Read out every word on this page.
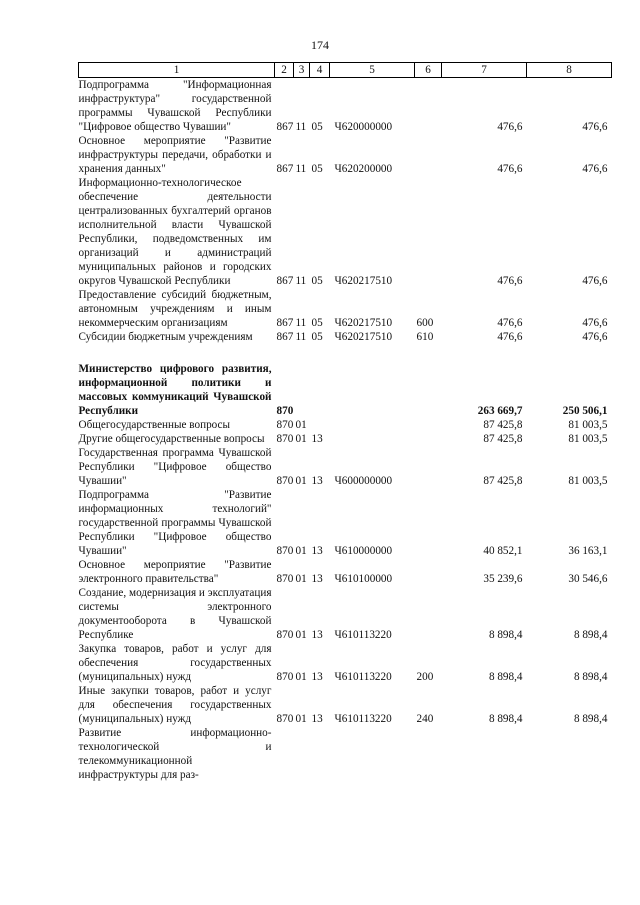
174
1	2	3	4	5	6	7	8
Подпрограмма "Информационная инфраструктура" государственной программы Чувашской Республики "Цифровое общество Чувашии"	867	11	05	Ч620000000		476,6	476,6
Основное мероприятие "Развитие инфраструктуры передачи, обработки и хранения данных"	867	11	05	Ч620200000		476,6	476,6
Информационно-технологическое обеспечение деятельности централизованных бухгалтерий органов исполнительной власти Чувашской Республики, подведомственных им организаций и администраций муниципальных районов и городских округов Чувашской Республики	867	11	05	Ч620217510		476,6	476,6
Предоставление субсидий бюджетным, автономным учреждениям и иным некоммерческим организациям	867	11	05	Ч620217510	600	476,6	476,6
Субсидии бюджетным учреждениям	867	11	05	Ч620217510	610	476,6	476,6

Министерство цифрового развития, информационной политики и массовых коммуникаций Чувашской Республики	870					263 669,7	250 506,1
Общегосударственные вопросы	870	01				87 425,8	81 003,5
Другие общегосударственные вопросы	870	01	13			87 425,8	81 003,5
Государственная программа Чувашской Республики "Цифровое общество Чувашии"	870	01	13	Ч600000000		87 425,8	81 003,5
Подпрограмма "Развитие информационных технологий" государственной программы Чувашской Республики "Цифровое общество Чувашии"	870	01	13	Ч610000000		40 852,1	36 163,1
Основное мероприятие "Развитие электронного правительства"	870	01	13	Ч610100000		35 239,6	30 546,6
Создание, модернизация и эксплуатация системы электронного документооборота в Чувашской Республике	870	01	13	Ч610113220		8 898,4	8 898,4
Закупка товаров, работ и услуг для обеспечения государственных (муниципальных) нужд	870	01	13	Ч610113220	200	8 898,4	8 898,4
Иные закупки товаров, работ и услуг для обеспечения государственных (муниципальных) нужд	870	01	13	Ч610113220	240	8 898,4	8 898,4
Развитие информационно-технологической и телекоммуникационной инфраструктуры для раз-							
